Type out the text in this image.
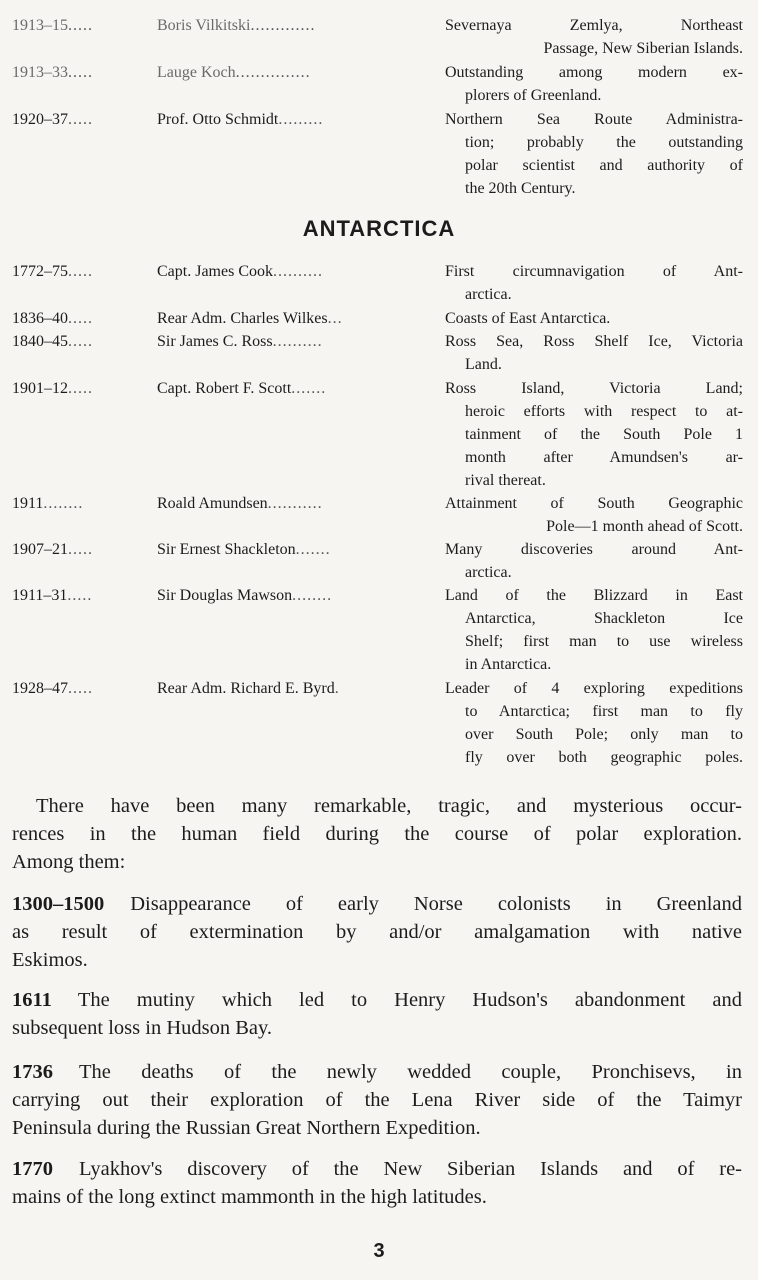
1913–15.....	Boris Vilkitski.............	Severnaya Zemlya, Northeast

Passage, New Siberian Islands.

1913–33.....	Lauge Koch...............	Outstanding among modern ex-

plorers of Greenland.

1920–37.....	Prof. Otto Schmidt.........	Northern Sea Route Administra-

tion; probably the outstanding

polar scientist and authority of

the 20th Century.

ANTARCTICA
1772–75.....	Capt. James Cook..........	First circumnavigation of Ant-

arctica.

1836–40.....	Rear Adm. Charles Wilkes...	Coasts of East Antarctica.

1840–45.....	Sir James C. Ross..........	Ross Sea, Ross Shelf Ice, Victoria

Land.

1901–12.....	Capt. Robert F. Scott.......	Ross Island, Victoria Land;

heroic efforts with respect to at-

tainment of the South Pole 1

month after Amundsen's ar-

rival thereat.

1911........	Roald Amundsen...........	Attainment of South Geographic

Pole—1 month ahead of Scott.

1907–21.....	Sir Ernest Shackleton.......	Many discoveries around Ant-

arctica.

1911–31.....	Sir Douglas Mawson........	Land of the Blizzard in East

Antarctica, Shackleton Ice

Shelf; first man to use wireless

in Antarctica.

1928–47.....	Rear Adm. Richard E. Byrd.	Leader of 4 exploring expeditions

to Antarctica; first man to fly

over South Pole; only man to

fly over both geographic poles.

There have been many remarkable, tragic, and mysterious occur-

rences in the human field during the course of polar exploration.

Among them:

1300–1500 Disappearance of early Norse colonists in Greenland

as result of extermination by and/or amalgamation with native

Eskimos.

1611 The mutiny which led to Henry Hudson's abandonment and

subsequent loss in Hudson Bay.

1736 The deaths of the newly wedded couple, Pronchisevs, in

carrying out their exploration of the Lena River side of the Taimyr

Peninsula during the Russian Great Northern Expedition.

1770 Lyakhov's discovery of the New Siberian Islands and of re-

mains of the long extinct mammonth in the high latitudes.

3
